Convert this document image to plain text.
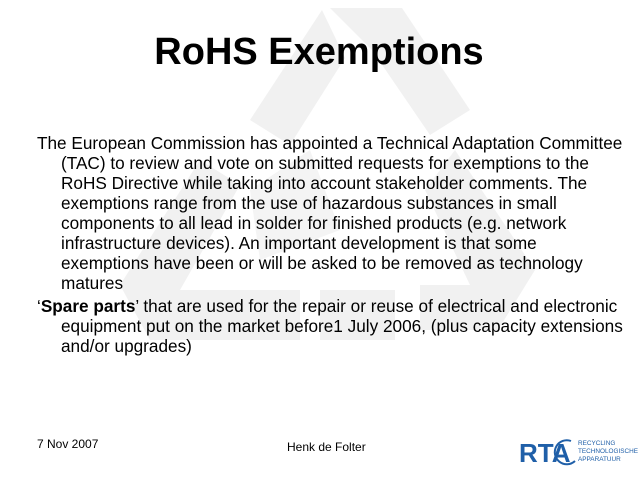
RoHS Exemptions
The European Commission has appointed a Technical Adaptation Committee (TAC) to review and vote on submitted requests for exemptions to the RoHS Directive while taking into account stakeholder comments. The exemptions range from the use of hazardous substances in small components to all lead in solder for finished products (e.g. network infrastructure devices). An important development is that some exemptions have been or will be asked to be removed as technology matures
‘Spare parts’ that are used for the repair or reuse of electrical and electronic equipment put on the market before1 July 2006, (plus capacity extensions and/or upgrades)
7 Nov 2007	Henk de Folter	RTA RECYCLING
TECHNOLOGISCHE
APPARATUUR
